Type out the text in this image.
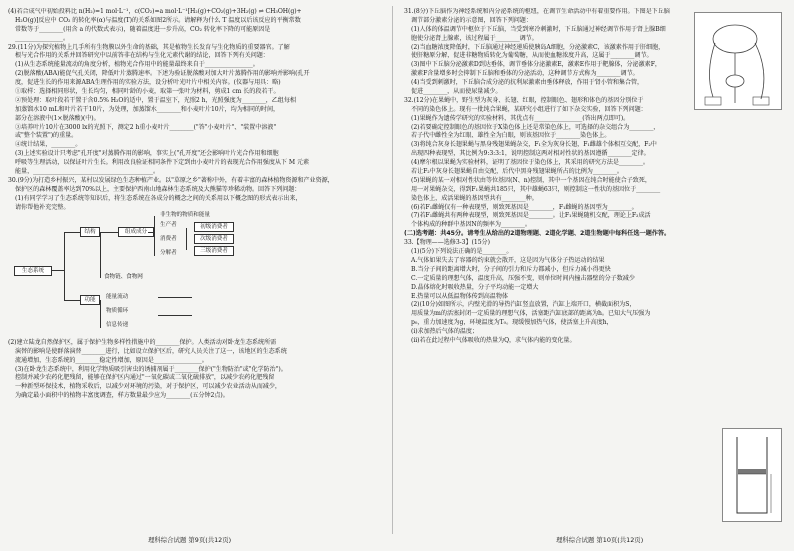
(4)若合成气中初始投料比 n(H₂)=1 mol·L⁻¹，c(CO₂)=a mol·L⁻¹[H₂(g)+CO₂(g)+3H₂(g) ⇌ CH₃OH(g)+

H₂O(g)]反应中 CO₂ 的转化率(α)与温度(T)的关系如图2所示。请解释为什么 T 温度以后该反应的平衡常数

常数等于________(用含 a 的代数式表示)，随着温度进一步升高，CO₂ 转化率下降的可能原因是

________________。

29.(11分)为探究植物上几手所有生物膜以外生命的基础，其是植物生长发育与生化物质的重要器官。了解

根与光合作用的关系并回答研究中以前答非在结构与生化元素代谢的结论，回答下列有关问题：

(1)从生态系统能量流动的角度分析，植物光合作用中的能量最终来自于________________。

(2)脱落酸(ABA)能促气孔关闭，降低叶片蒸腾速率。下述为验证脱落酸对加大叶片蒸腾作用的影响并影响(孔开

度，促进生长的作用来源ABA生理作用的实验方法，设分析叶光叶片中相关内容。(仪器与用具：略)

①取样：选择相同形状，生长均匀，相同叶龄的小麦，取第一张叶为材料，剪成1 cm 长的段若干。

②预处理：取叶段若干置于含0.5% H₂O的适中，置于温室下，光照2 h，光照强度为________，乙组每相

加蒸馏水10 mL和叶片若干10片，为处理，加蒸馏水________和小麦叶片10片，均为相同的时间，

部分在溶液中(1×脱落酸)(中)。

③培养叶片10片在3000 lx的光照下，测定2 h重小麦叶片________("答"小麦叶片"、"装置中溶液"

或"整个装置")的重量。

④统计结果，________。

(3)上述实验设计只考虑"孔开度"对蒸腾作用的影响，事实上("孔开度"还会影响叶片光合作用和细胞

呼吸等生理活动，以保证叶片生长。利用改良验证相同条件下定到由小麦叶片的表现光合作用强度从下 M 元素

能量，________________________________________。

30.(9分)为打造乡村振兴，某村以发展绿色生态种植产业。以"草原之乡"著称中外，有着丰富的森林植物资源和产业资源，

保护区的森林覆盖率达到70%以上，主要保护西南山地森林生态系统及大熊猫等珍稀动物。回答下列问题：

(1)有同学学习了生态系统等知识后，将生态系统在各成分的概念之间的关系用以下概念图的形式表示出来，

请你帮他补充完整。

生态系统
结构
功能
食物链、食物网
组成成分
非生物的物质和能量
生产者
消费者
分解者
初级消费者
次级消费者
三级消费者
能量流动
物质循环
信息传递

(2)建立陆龙自然保护区，属于保护生物多样性措施中的________保护。人类活动对卧龙生态系统所需

演替的影响是使群落演替________进行，比如设立保护区后，研究人员关注了这一，该地区的生态系统

流通增加，生态系统的________稳定性增加，原因是________________。

(3)在卧龙生态系统中，利用化学物质吸引害虫的诱捕剂属于________保护("生物防治"或"化学防治")。

控制并减少农药化肥残留，能够在保护区内通过"一氧化碳或二氧化硫排放"，以减少农药化肥残留

一种新型环保技术，植物采收后，以减少对环境的污染，对于保护区，可以减少农业活动从而减少，

为确定最小面积中的植物丰富度调查，样方数量最少应为________(五分钟2点)。

31.(8分)下丘脑作为神经系统和内分泌系统的枢纽，在调节生命活动中有着重要作用。下图是下丘脑

调节部分激素分泌的示意图，回答下列问题：

(1)人体的体温调节中枢位于下丘脑，当受到寒冷刺激时，下丘脑通过神经调节作用于肾上腺B细

胞使分泌肾上腺素，该过程属于________调节。

(2)当血糖浓度降低时，下丘脑通过神经递质使胰岛A细胞，分泌激素C，该激素作用于肝细胞，

使肝糖原分解，促进非糖物质转化为葡萄糖，从而使血糖浓度升高，这属于________调节。

(3)图中下丘脑分泌激素D到达垂体，调节垂体分泌激素E，激素E作用于靶腺体，分泌激素F，

激素F含量增多时会抑制下丘脑和垂体的分泌活动，这种调节方式称为________调节。

(4)当受到刺激时，下丘脑合成分泌的抗利尿激素由垂体释放，作用于肾小管和集合管，

促进________，从而使尿量减少。

32.(12分)在果蝇中，野生型为灰身、长翅、红眼，控制眼色、翅形和体色的基因分别位于

不同的染色体上。现有一批纯合果蝇，某研究小组进行了如下杂交实验，回答下列问题：

(1)果蝇作为遗传学研究的实验材料，其优点有________________(答出两点即可)。

(2)若要确定控制眼色的基因位于X染色体上还是常染色体上，可选择的杂交组合为________，

若子代中雌性全为红眼、雄性全为白眼，则该基因位于________染色体上。

(3)将纯合灰身长翅果蝇与黑身残翅果蝇杂交，F₁全为灰身长翅，F₁雌雄个体相互交配，F₂中

出现四种表现型，其比例为9:3:3:1，说明控制这两对相对性状的基因遵循________定律。

(4)摩尔根以果蝇为实验材料，证明了基因位于染色体上，其采用的研究方法是________。

若让F₂中灰身长翅果蝇自由交配，后代中黑身残翅果蝇所占的比例为________。

(5)果蝇的某一对相对性状由等位基因(N、n)控制，其中一个基因在纯合时能使合子致死，

用一对果蝇杂交，得到F₁果蝇共185只，其中雄蝇63只，则控制这一性状的基因位于________

染色体上，成活果蝇的基因型共有________种。

(6)若F₁雌蝇仅有一种表现型，则致死基因是________，F₁雌蝇的基因型为________。

(7)若F₁雌蝇共有两种表现型，则致死基因是________。让F₁果蝇随机交配，理论上F₂成活

个体构成的种群中基因N的频率为________。

(二)选考题：共45分。请考生从给出的2道物理题、2道化学题、2道生物题中每科任选一题作答。

33.【物理——选修3-3】(15分)

(1)(5分)下列说法正确的是________。

A.气体如果失去了容器的约束就会散开，这是因为气体分子热运动的结果

B.当分子间的距离增大时，分子间的引力和斥力都减小，但斥力减小得更快

C.一定质量的理想气体，温度升高，压强不变，则单位时间内撞击器壁的分子数减少

D.晶体熔化时吸收热量，分子平均动能一定增大

E.热量可以从低温物体传到高温物体

(2)(10分)如图所示，内壁光滑的导热汽缸竖直放置，汽缸上端开口，横截面积为S，

用质量为m的活塞封闭一定质量的理想气体，活塞距汽缸底部的距离为h。已知大气压强为

p₀，重力加速度为g，环境温度为T₀。现缓慢加热气体，使活塞上升高度h，

(i)求加热后气体的温度；

(ii)若在此过程中气体吸收的热量为Q，求气体内能的变化量。

理科综合试题 第9页(共12页)	理科综合试题 第10页(共12页)
